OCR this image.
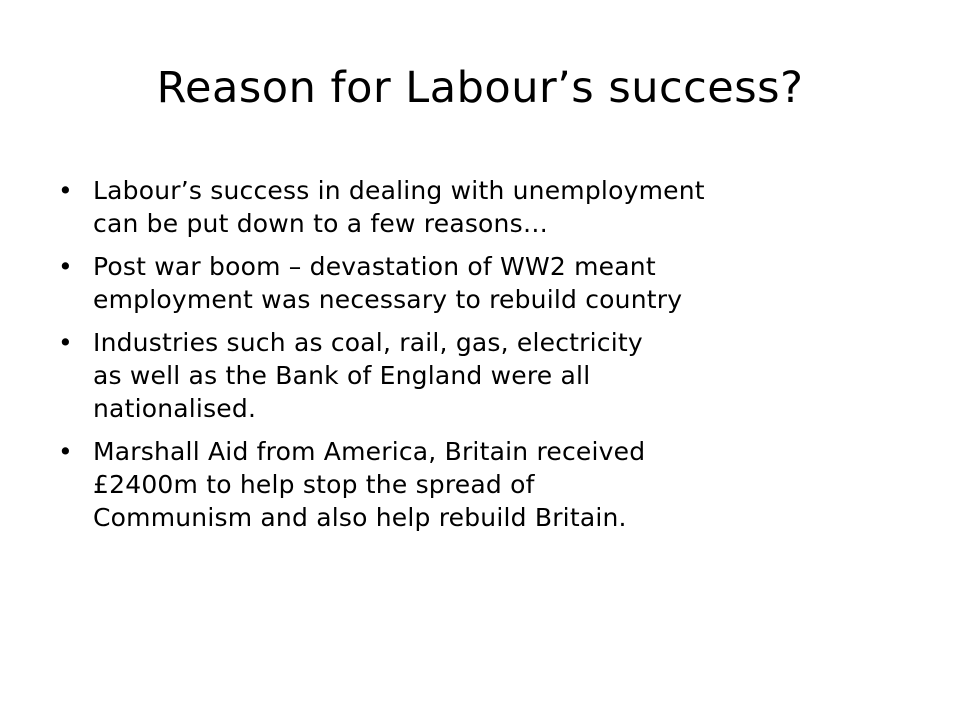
Reason for Labour’s success?
• Labour’s success in dealing with unemployment
can be put down to a few reasons…
• Post war boom – devastation of WW2 meant
employment was necessary to rebuild country
• Industries such as coal, rail, gas, electricity
as well as the Bank of England were all
nationalised.
• Marshall Aid from America, Britain received
£2400m to help stop the spread of
Communism and also help rebuild Britain.
